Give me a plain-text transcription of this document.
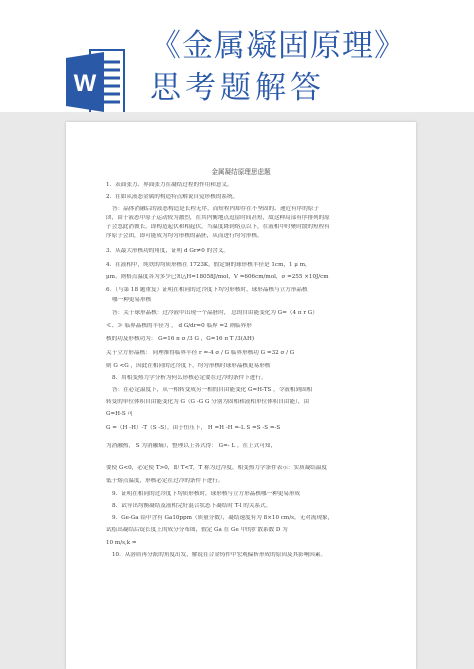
W
《金属凝固原理》
思考题解答
金属凝结原理思虑题
1．表面张力、界面张力在凝结过程的作用和意义。
2．在如从液态金属的构造特点解说自觉形核的系统。
答：晶体消融后的液态构造是长程无序，而短程内却存在不坚固的、递近有序的原子
团，由于液态中原子运动较为激烈，在其内衡地点逗留时间甚短，故这种局部有序排列的原
子会忽此消彼长，即构造起伏和相起伏。当温度降到熔点以下，在液相中时聚时散的短程有
序原子会团，即可能成为均匀形核的晶胚，从而进行均匀形核。
3．从最大形核功的角度，证明 d Gr≠0 的含义。
4．在液相中，纯铁的均质形核在 1723K，假定铜的球形核半径是 1cm，1 μ m，
μm。则格点温度各为多少已知△H=18058J/mol，V =606cm/mol，σ =255 ×10J/cm
6．（与第 18 题重复）证明在相同的过冷度下均匀形核时，球形晶核与立方形晶核
哪一种更易形核
答：关于球形晶核：过冷液中出现一个晶胚时， 总的自由能变化为 G=（4 π r G）
≪、≫ 临界晶核的半径为 ， d G/dr=0 临界 =2 则临界形
核的功及形核功为： G=16 π σ /3 G ，G=16 π T /3(ΔH)
关于立方形晶核： 同理推得临界半径 r =-4 σ / G 临界形核功 G =32 σ / G
则 G <G ，因此在相同的过冷度下，均匀形核时球形晶核更易形核
8．用相变热力学分析为何么形核必定要在过冷的条件下进行。
答：在必定温度下，从一相转变成另一相的自由能变化 G=H-TS ，令液相到固相
转变的单位体积自由能变化为 G（G -G G 分别为固相和液相单位体积自由能），由
G=H-S 可
G =（H -H）-T（S -S）。由于恒压下， H =H -H =-L S =S -S =-S
为消融热， S 为消融熵），整理以上各式得： G=- L ，在上式可知，
要使 G<0，必定使 T>0，即 T<T，T 称为过冷度，相变热力学条件表示：实质凝结温度
低于熔点温度，形核必定在过冷的条件下进行。
9．证明在相同的过冷度下均质形核时，球形核与立方形晶核哪一种更易形成
8．试导出均衡凝结及液相完好混合状态下凝结时 T-l 的关系式。
9．Ge-Ga 铅中含有 Ga10ppm（质量分数），凝结速度有为 8×10 cm/s，无对流现象，
试绘出凝结后锭长度上的成分分布图，假定 Ga 在 Ge 中的扩散系数 D 为
10 m/s,k =
10．从溶质再分派的角度出发，解说在合金铸件中宏观偏析形成的原因及其影响因素。
